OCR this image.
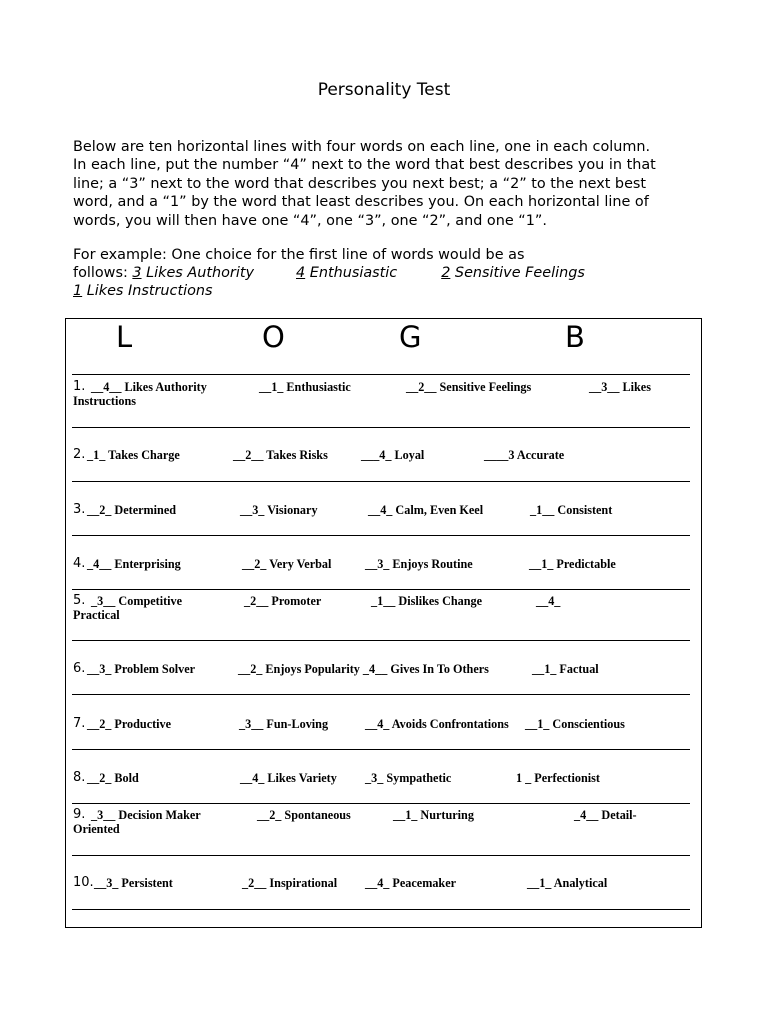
Personality Test
Below are ten horizontal lines with four words on each line, one in each column.
In each line, put the number “4” next to the word that best describes you in that
line; a “3” next to the word that describes you next best; a “2” to the next best
word, and a “1” by the word that least describes you. On each horizontal line of
words, you will then have one “4”, one “3”, one “2”, and one “1”.
For example: One choice for the first line of words would be as
follows: 3 Likes Authority	4 Enthusiastic	2 Sensitive Feelings
1 Likes Instructions
L	O	G	B
1. __4__ Likes Authority	__1_ Enthusiastic	__2__ Sensitive Feelings	__3__ Likes
Instructions
2. _1_ Takes Charge	__2__ Takes Risks	___4_ Loyal	____3 Accurate
3. __2_ Determined	__3_ Visionary	__4_ Calm, Even Keel	_1__ Consistent
4. _4__ Enterprising	__2_ Very Verbal	__3_ Enjoys Routine	__1_ Predictable
5. _3__ Competitive	_2__ Promoter	_1__ Dislikes Change	__4_
Practical
6. __3_ Problem Solver	__2_ Enjoys Popularity _4__ Gives In To Others	__1_ Factual
7. __2_ Productive	_3__ Fun-Loving	__4_ Avoids Confrontations __1_ Conscientious
8. __2_ Bold	__4_ Likes Variety _3_ Sympathetic	1 _ Perfectionist
9. _3__ Decision Maker	__2_ Spontaneous	__1_ Nurturing	_4__ Detail-
Oriented
10. __3_ Persistent	_2__ Inspirational __4_ Peacemaker	__1_ Analytical
